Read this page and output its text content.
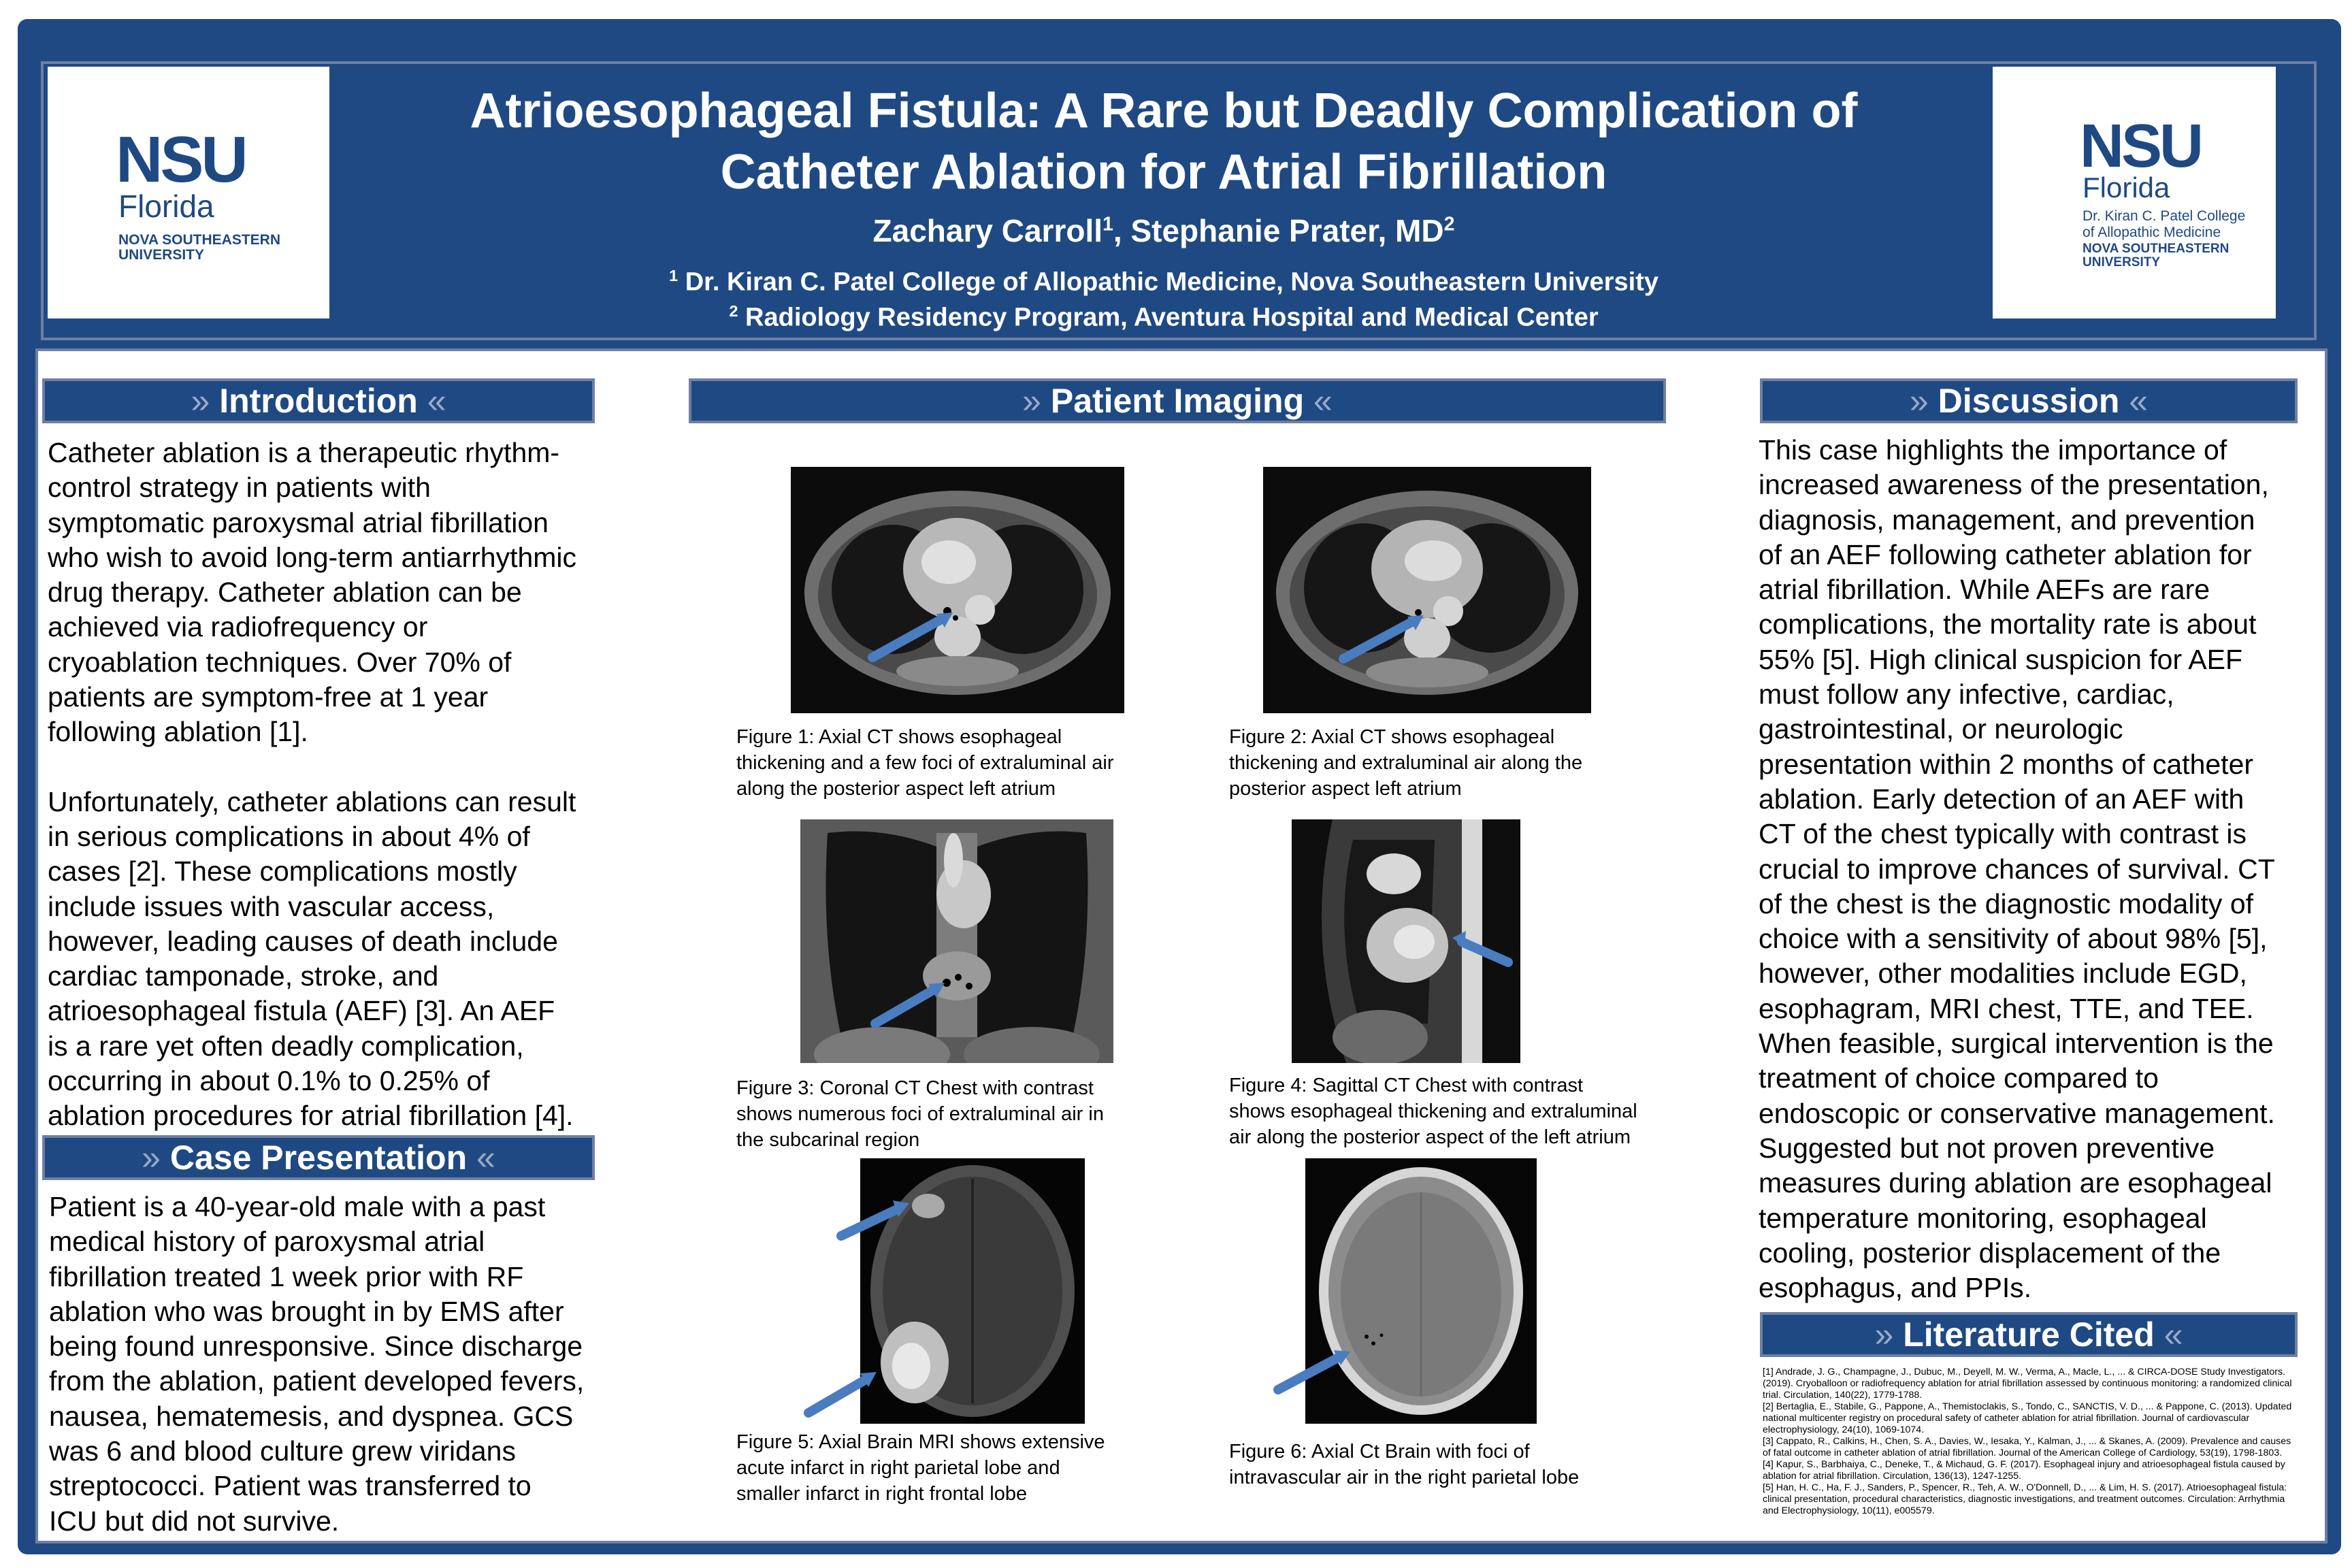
NSU
Florida
NOVA SOUTHEASTERN
UNIVERSITY
NSU
Florida
Dr. Kiran C. Patel College
of Allopathic Medicine
NOVA SOUTHEASTERN
UNIVERSITY
Atrioesophageal Fistula: A Rare but Deadly Complication of
Catheter Ablation for Atrial Fibrillation
Zachary Carroll$^1$, Stephanie Prater, $MD^2$
$^1$ Dr. Kiran C. Patel College of Allopathic Medicine, Nova Southeastern University
$^2$ Radiology Residency Program, Aventura Hospital and Medical Center
» Introduction «	» Patient Imaging «	» Discussion «
» Case Presentation «
» Literature Cited «
Catheter ablation is a therapeutic rhythm-
control strategy in patients with
symptomatic paroxysmal atrial fibrillation
who wish to avoid long-term antiarrhythmic
drug therapy. Catheter ablation can be
achieved via radiofrequency or
cryoablation techniques. Over 70% of
patients are symptom-free at 1 year
following ablation [1].
Unfortunately, catheter ablations can result
in serious complications in about 4% of
cases [2]. These complications mostly
include issues with vascular access,
however, leading causes of death include
cardiac tamponade, stroke, and
atrioesophageal fistula (AEF) [3]. An AEF
is a rare yet often deadly complication,
occurring in about 0.1% to 0.25% of
ablation procedures for atrial fibrillation [4].
Patient is a 40-year-old male with a past
medical history of paroxysmal atrial
fibrillation treated 1 week prior with RF
ablation who was brought in by EMS after
being found unresponsive. Since discharge
from the ablation, patient developed fevers,
nausea, hematemesis, and dyspnea. GCS
was 6 and blood culture grew viridans
streptococci. Patient was transferred to
ICU but did not survive.
This case highlights the importance of
increased awareness of the presentation,
diagnosis, management, and prevention
of an AEF following catheter ablation for
atrial fibrillation. While AEFs are rare
complications, the mortality rate is about
55% [5]. High clinical suspicion for AEF
must follow any infective, cardiac,
gastrointestinal, or neurologic
presentation within 2 months of catheter
ablation. Early detection of an AEF with
CT of the chest typically with contrast is
crucial to improve chances of survival. CT
of the chest is the diagnostic modality of
choice with a sensitivity of about 98% [5],
however, other modalities include EGD,
esophagram, MRI chest, TTE, and TEE.
When feasible, surgical intervention is the
treatment of choice compared to
endoscopic or conservative management.
Suggested but not proven preventive
measures during ablation are esophageal
temperature monitoring, esophageal
cooling, posterior displacement of the
esophagus, and PPIs.

[1] Andrade, J. G., Champagne, J., Dubuc, M., Deyell, M. W., Verma, A., Macle, L., ... & CIRCA-DOSE Study Investigators. (2019). Cryoballoon or radiofrequency ablation for atrial fibrillation assessed by continuous monitoring: a randomized clinical trial. Circulation, 140(22), 1779-1788.

[2] Bertaglia, E., Stabile, G., Pappone, A., Themistoclakis, S., Tondo, C., SANCTIS, V. D., ... & Pappone, C. (2013). Updated national multicenter registry on procedural safety of catheter ablation for atrial fibrillation. Journal of cardiovascular electrophysiology, 24(10), 1069-1074.

[3] Cappato, R., Calkins, H., Chen, S. A., Davies, W., Iesaka, Y., Kalman, J., ... & Skanes, A. (2009). Prevalence and causes of fatal outcome in catheter ablation of atrial fibrillation. Journal of the American College of Cardiology, 53(19), 1798-1803.

[4] Kapur, S., Barbhaiya, C., Deneke, T., & Michaud, G. F. (2017). Esophageal injury and atrioesophageal fistula caused by ablation for atrial fibrillation. Circulation, 136(13), 1247-1255.

[5] Han, H. C., Ha, F. J., Sanders, P., Spencer, R., Teh, A. W., O'Donnell, D., ... & Lim, H. S. (2017). Atrioesophageal fistula: clinical presentation, procedural characteristics, diagnostic investigations, and treatment outcomes. Circulation: Arrhythmia and Electrophysiology, 10(11), e005579.

Figure 1: Axial CT shows esophageal
thickening and a few foci of extraluminal air
along the posterior aspect left atrium
Figure 2: Axial CT shows esophageal
thickening and extraluminal air along the
posterior aspect left atrium
Figure 3: Coronal CT Chest with contrast
shows numerous foci of extraluminal air in
the subcarinal region
Figure 4: Sagittal CT Chest with contrast
shows esophageal thickening and extraluminal
air along the posterior aspect of the left atrium
Figure 5: Axial Brain MRI shows extensive
acute infarct in right parietal lobe and
smaller infarct in right frontal lobe
Figure 6: Axial Ct Brain with foci of
intravascular air in the right parietal lobe
